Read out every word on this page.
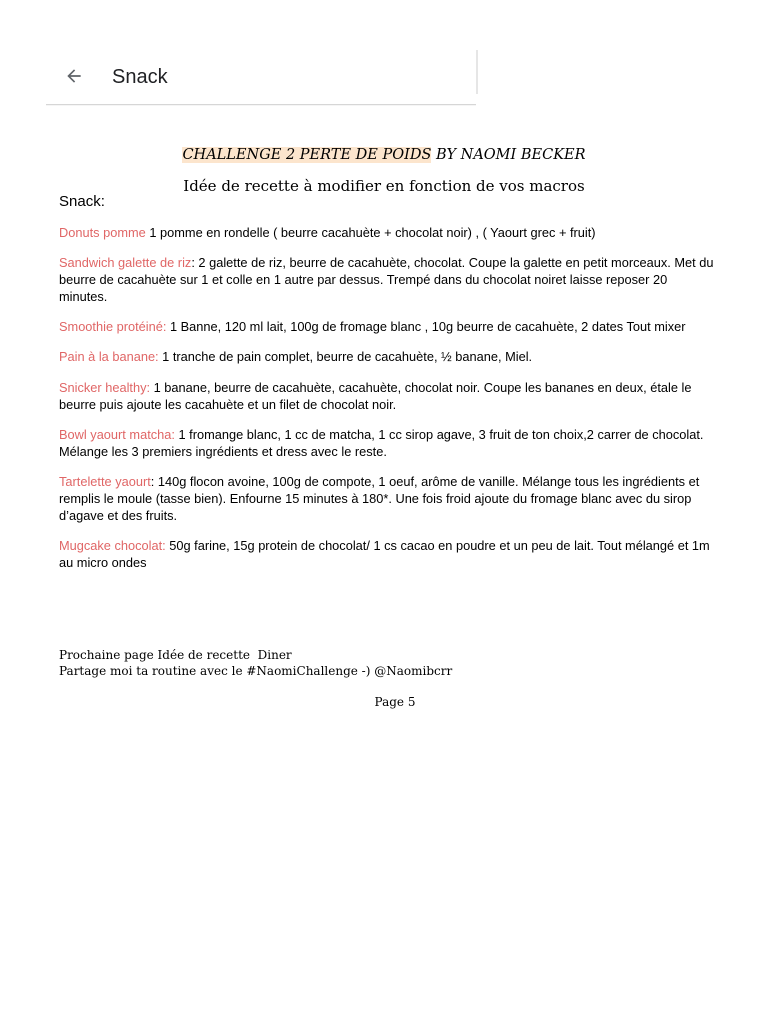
Snack
CHALLENGE 2 PERTE DE POIDS BY NAOMI BECKER
Idée de recette à modifier en fonction de vos macros
Snack:
Donuts pomme 1 pomme en rondelle ( beurre cacahuète + chocolat noir) , ( Yaourt grec + fruit)
Sandwich galette de riz: 2 galette de riz, beurre de cacahuète, chocolat. Coupe la galette en petit morceaux. Met du beurre de cacahuète sur 1 et colle en 1 autre par dessus. Trempé dans du chocolat noiret laisse reposer 20 minutes.
Smoothie protéiné: 1 Banne, 120 ml lait, 100g de fromage blanc , 10g beurre de cacahuète, 2 dates Tout mixer
Pain à la banane: 1 tranche de pain complet, beurre de cacahuète, ½ banane, Miel.
Snicker healthy: 1 banane, beurre de cacahuète, cacahuète, chocolat noir. Coupe les bananes en deux, étale le beurre puis ajoute les cacahuète et un filet de chocolat noir.
Bowl yaourt matcha: 1 fromange blanc, 1 cc de matcha, 1 cc sirop agave, 3 fruit de ton choix,2 carrer de chocolat. Mélange les 3 premiers ingrédients et dress avec le reste.
Tartelette yaourt: 140g flocon avoine, 100g de compote, 1 oeuf, arôme de vanille. Mélange tous les ingrédients et remplis le moule (tasse bien). Enfourne 15 minutes à 180*. Une fois froid ajoute du fromage blanc avec du sirop d’agave et des fruits.
Mugcake chocolat: 50g farine, 15g protein de chocolat/ 1 cs cacao en poudre et un peu de lait. Tout mélangé et 1m au micro ondes
Prochaine page Idée de recette  Diner
Partage moi ta routine avec le #NaomiChallenge -) @Naomibcrr
Page 5
